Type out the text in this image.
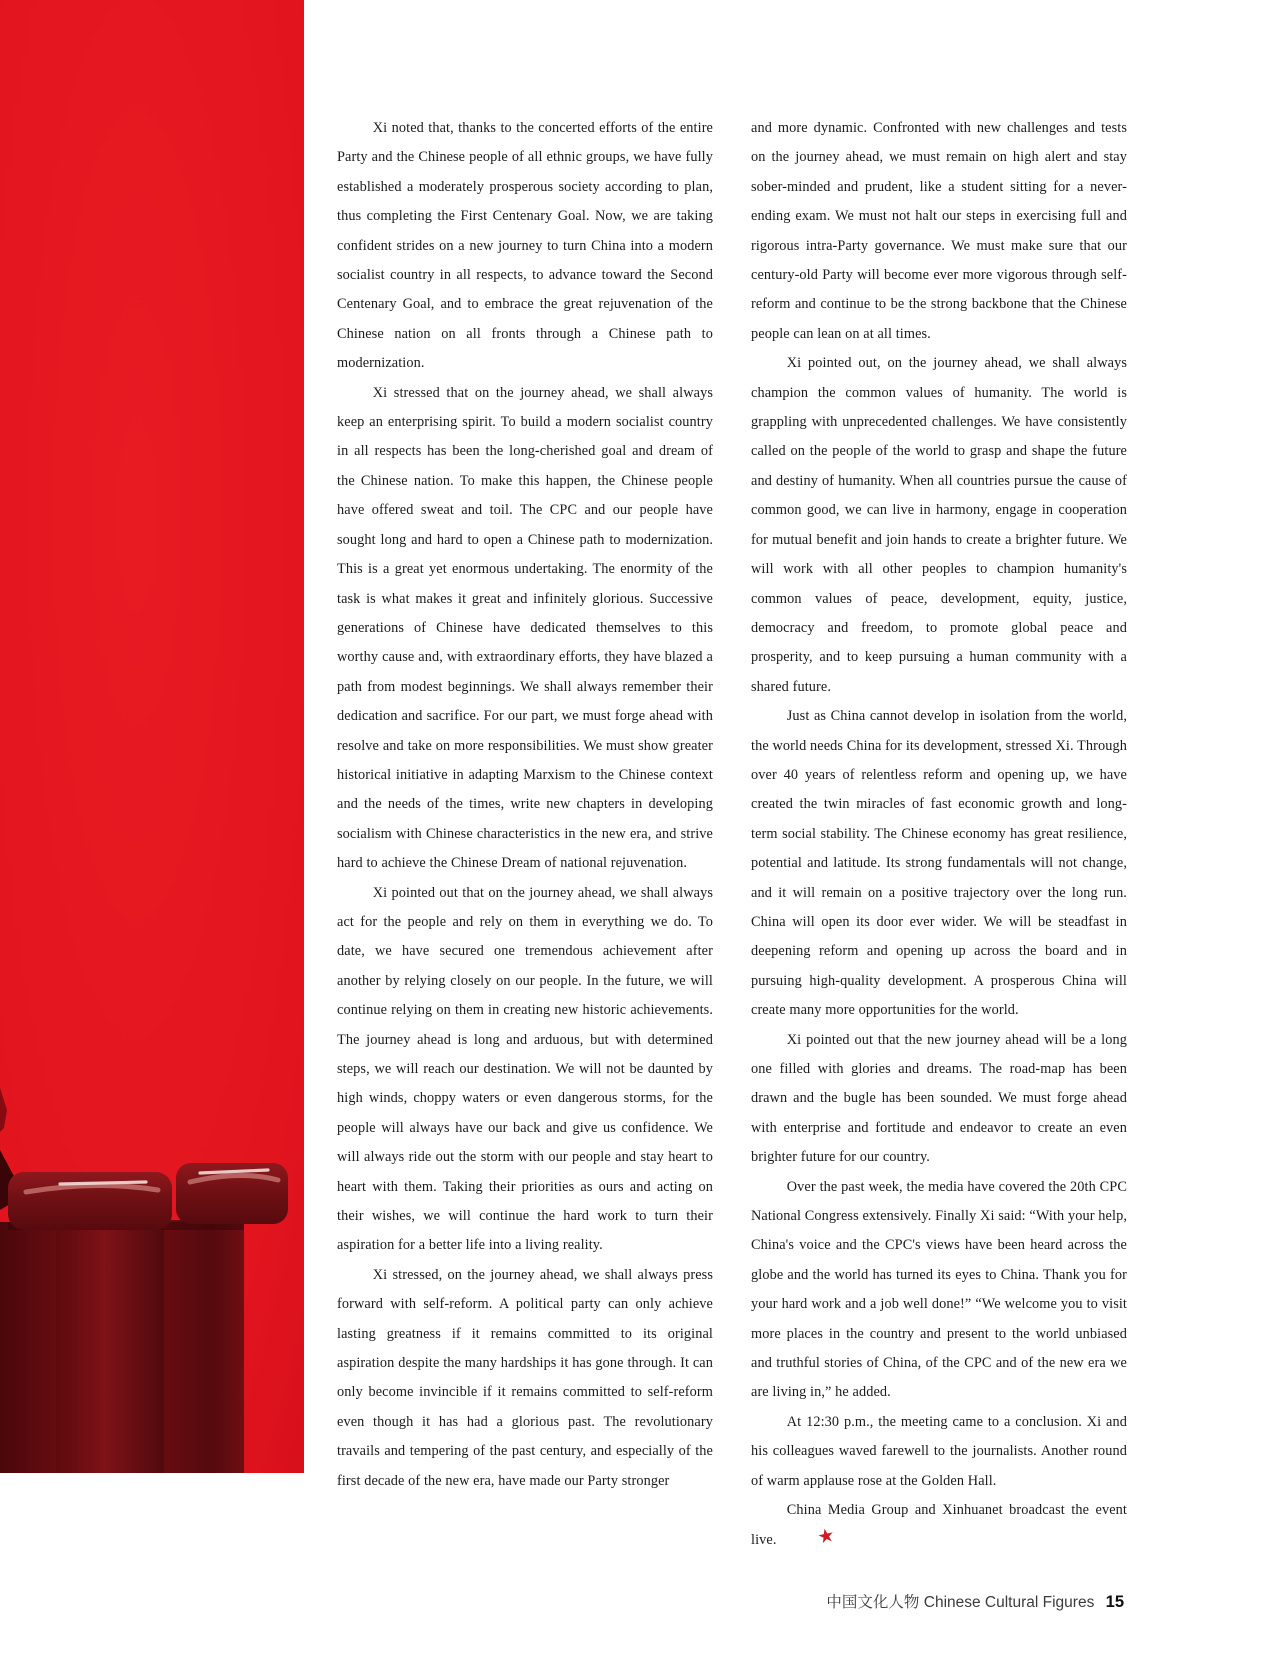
Xi noted that, thanks to the concerted efforts of the entire Party and the Chinese people of all ethnic groups, we have fully established a moderately prosperous society according to plan, thus completing the First Centenary Goal. Now, we are taking confident strides on a new journey to turn China into a modern socialist country in all respects, to advance toward the Second Centenary Goal, and to embrace the great rejuvenation of the Chinese nation on all fronts through a Chinese path to modernization.

Xi stressed that on the journey ahead, we shall always keep an enterprising spirit. To build a modern socialist country in all respects has been the long-cherished goal and dream of the Chinese nation. To make this happen, the Chinese people have offered sweat and toil. The CPC and our people have sought long and hard to open a Chinese path to modernization. This is a great yet enormous undertaking. The enormity of the task is what makes it great and infinitely glorious. Successive generations of Chinese have dedicated themselves to this worthy cause and, with extraordinary efforts, they have blazed a path from modest beginnings. We shall always remember their dedication and sacrifice. For our part, we must forge ahead with resolve and take on more responsibilities. We must show greater historical initiative in adapting Marxism to the Chinese context and the needs of the times, write new chapters in developing socialism with Chinese characteristics in the new era, and strive hard to achieve the Chinese Dream of national rejuvenation.

Xi pointed out that on the journey ahead, we shall always act for the people and rely on them in everything we do. To date, we have secured one tremendous achievement after another by relying closely on our people. In the future, we will continue relying on them in creating new historic achievements. The journey ahead is long and arduous, but with determined steps, we will reach our destination. We will not be daunted by high winds, choppy waters or even dangerous storms, for the people will always have our back and give us confidence. We will always ride out the storm with our people and stay heart to heart with them. Taking their priorities as ours and acting on their wishes, we will continue the hard work to turn their aspiration for a better life into a living reality.

Xi stressed, on the journey ahead, we shall always press forward with self-reform. A political party can only achieve lasting greatness if it remains committed to its original aspiration despite the many hardships it has gone through. It can only become invincible if it remains committed to self-reform even though it has had a glorious past. The revolutionary travails and tempering of the past century, and especially of the first decade of the new era, have made our Party stronger

and more dynamic. Confronted with new challenges and tests on the journey ahead, we must remain on high alert and stay sober-minded and prudent, like a student sitting for a never-ending exam. We must not halt our steps in exercising full and rigorous intra-Party governance. We must make sure that our century-old Party will become ever more vigorous through self-reform and continue to be the strong backbone that the Chinese people can lean on at all times.

Xi pointed out, on the journey ahead, we shall always champion the common values of humanity. The world is grappling with unprecedented challenges. We have consistently called on the people of the world to grasp and shape the future and destiny of humanity. When all countries pursue the cause of common good, we can live in harmony, engage in cooperation for mutual benefit and join hands to create a brighter future. We will work with all other peoples to champion humanity's common values of peace, development, equity, justice, democracy and freedom, to promote global peace and prosperity, and to keep pursuing a human community with a shared future.

Just as China cannot develop in isolation from the world, the world needs China for its development, stressed Xi. Through over 40 years of relentless reform and opening up, we have created the twin miracles of fast economic growth and long-term social stability. The Chinese economy has great resilience, potential and latitude. Its strong fundamentals will not change, and it will remain on a positive trajectory over the long run. China will open its door ever wider. We will be steadfast in deepening reform and opening up across the board and in pursuing high-quality development. A prosperous China will create many more opportunities for the world.

Xi pointed out that the new journey ahead will be a long one filled with glories and dreams. The road-map has been drawn and the bugle has been sounded. We must forge ahead with enterprise and fortitude and endeavor to create an even brighter future for our country.

Over the past week, the media have covered the 20th CPC National Congress extensively. Finally Xi said: “With your help, China's voice and the CPC's views have been heard across the globe and the world has turned its eyes to China. Thank you for your hard work and a job well done!” “We welcome you to visit more places in the country and present to the world unbiased and truthful stories of China, of the CPC and of the new era we are living in,” he added.

At 12:30 p.m., the meeting came to a conclusion. Xi and his colleagues waved farewell to the journalists. Another round of warm applause rose at the Golden Hall.

China Media Group and Xinhuanet broadcast the event live. ★

中国文化人物 Chinese Cultural Figures 15
